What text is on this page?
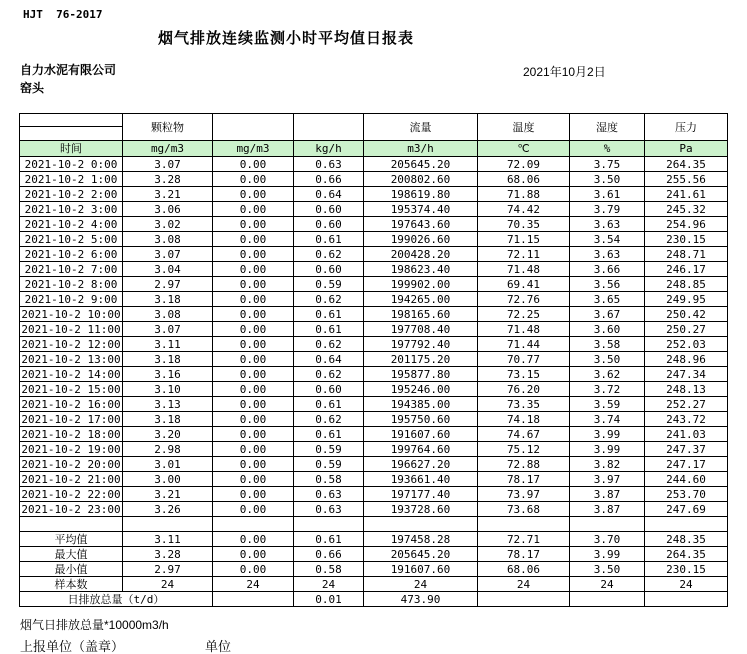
HJT  76-2017
烟气排放连续监测小时平均值日报表
自力水泥有限公司	2021年10月2日
窑头
	颗粒物			流量	温度	湿度	压力

时间	mg/m3	mg/m3	kg/h	m3/h	℃	%	Pa
2021-10-2 0:00	3.07	0.00	0.63	205645.20	72.09	3.75	264.35
2021-10-2 1:00	3.28	0.00	0.66	200802.60	68.06	3.50	255.56
2021-10-2 2:00	3.21	0.00	0.64	198619.80	71.88	3.61	241.61
2021-10-2 3:00	3.06	0.00	0.60	195374.40	74.42	3.79	245.32
2021-10-2 4:00	3.02	0.00	0.60	197643.60	70.35	3.63	254.96
2021-10-2 5:00	3.08	0.00	0.61	199026.60	71.15	3.54	230.15
2021-10-2 6:00	3.07	0.00	0.62	200428.20	72.11	3.63	248.71
2021-10-2 7:00	3.04	0.00	0.60	198623.40	71.48	3.66	246.17
2021-10-2 8:00	2.97	0.00	0.59	199902.00	69.41	3.56	248.85
2021-10-2 9:00	3.18	0.00	0.62	194265.00	72.76	3.65	249.95
2021-10-2 10:00	3.08	0.00	0.61	198165.60	72.25	3.67	250.42
2021-10-2 11:00	3.07	0.00	0.61	197708.40	71.48	3.60	250.27
2021-10-2 12:00	3.11	0.00	0.62	197792.40	71.44	3.58	252.03
2021-10-2 13:00	3.18	0.00	0.64	201175.20	70.77	3.50	248.96
2021-10-2 14:00	3.16	0.00	0.62	195877.80	73.15	3.62	247.34
2021-10-2 15:00	3.10	0.00	0.60	195246.00	76.20	3.72	248.13
2021-10-2 16:00	3.13	0.00	0.61	194385.00	73.35	3.59	252.27
2021-10-2 17:00	3.18	0.00	0.62	195750.60	74.18	3.74	243.72
2021-10-2 18:00	3.20	0.00	0.61	191607.60	74.67	3.99	241.03
2021-10-2 19:00	2.98	0.00	0.59	199764.60	75.12	3.99	247.37
2021-10-2 20:00	3.01	0.00	0.59	196627.20	72.88	3.82	247.17
2021-10-2 21:00	3.00	0.00	0.58	193661.40	78.17	3.97	244.60
2021-10-2 22:00	3.21	0.00	0.63	197177.40	73.97	3.87	253.70
2021-10-2 23:00	3.26	0.00	0.63	193728.60	73.68	3.87	247.69

平均值	3.11	0.00	0.61	197458.28	72.71	3.70	248.35
最大值	3.28	0.00	0.66	205645.20	78.17	3.99	264.35
最小值	2.97	0.00	0.58	191607.60	68.06	3.50	230.15
样本数	24	24	24	24	24	24	24
日排放总量（t/d）			0.01	473.90			
烟气日排放总量*10000m3/h
上报单位（盖章）	单位
